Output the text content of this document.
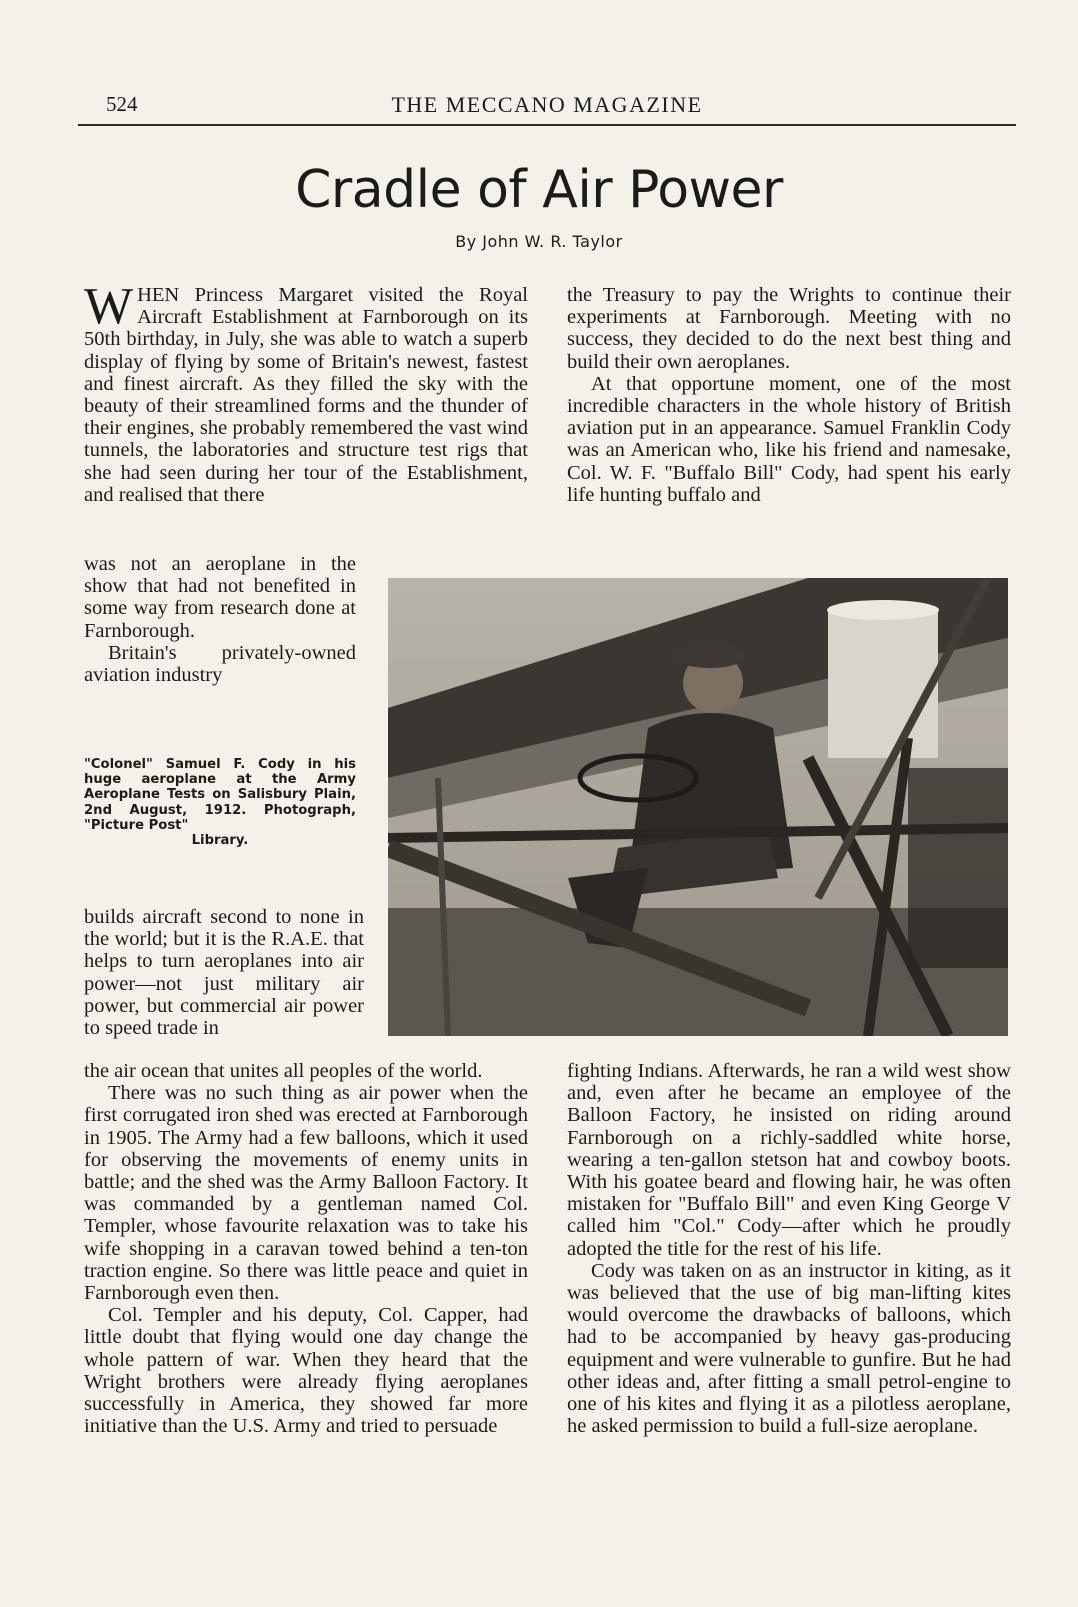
524	THE MECCANO MAGAZINE
Cradle of Air Power
By John W. R. Taylor

WHEN Princess Margaret visited the Royal Aircraft Establishment at Farnborough on its 50th birthday, in July, she was able to watch a superb display of flying by some of Britain's newest, fastest and finest aircraft. As they filled the sky with the beauty of their streamlined forms and the thunder of their engines, she probably remembered the vast wind tunnels, the laboratories and structure test rigs that she had seen during her tour of the Establishment, and realised that there

was not an aeroplane in the show that had not benefited in some way from research done at Farnborough.

Britain's privately-owned aviation industry

"Colonel" Samuel F. Cody in his huge aeroplane at the Army Aeroplane Tests on Salisbury Plain, 2nd August, 1912. Photograph, "Picture Post"
Library.

builds aircraft second to none in the world; but it is the R.A.E. that helps to turn aeroplanes into air power—not just military air power, but commercial air power to speed trade in

the air ocean that unites all peoples of the world.

There was no such thing as air power when the first corrugated iron shed was erected at Farnborough in 1905. The Army had a few balloons, which it used for observing the movements of enemy units in battle; and the shed was the Army Balloon Factory. It was commanded by a gentleman named Col. Templer, whose favourite relaxation was to take his wife shopping in a caravan towed behind a ten-ton traction engine. So there was little peace and quiet in Farnborough even then.

Col. Templer and his deputy, Col. Capper, had little doubt that flying would one day change the whole pattern of war. When they heard that the Wright brothers were already flying aeroplanes successfully in America, they showed far more initiative than the U.S. Army and tried to persuade

the Treasury to pay the Wrights to continue their experiments at Farnborough. Meeting with no success, they decided to do the next best thing and build their own aeroplanes.

At that opportune moment, one of the most incredible characters in the whole history of British aviation put in an appearance. Samuel Franklin Cody was an American who, like his friend and namesake, Col. W. F. "Buffalo Bill" Cody, had spent his early life hunting buffalo and

fighting Indians. Afterwards, he ran a wild west show and, even after he became an employee of the Balloon Factory, he insisted on riding around Farnborough on a richly-saddled white horse, wearing a ten-gallon stetson hat and cowboy boots. With his goatee beard and flowing hair, he was often mistaken for "Buffalo Bill" and even King George V called him "Col." Cody—after which he proudly adopted the title for the rest of his life.

Cody was taken on as an instructor in kiting, as it was believed that the use of big man-lifting kites would overcome the drawbacks of balloons, which had to be accompanied by heavy gas-producing equipment and were vulnerable to gunfire. But he had other ideas and, after fitting a small petrol-engine to one of his kites and flying it as a pilotless aeroplane, he asked permission to build a full-size aeroplane.
